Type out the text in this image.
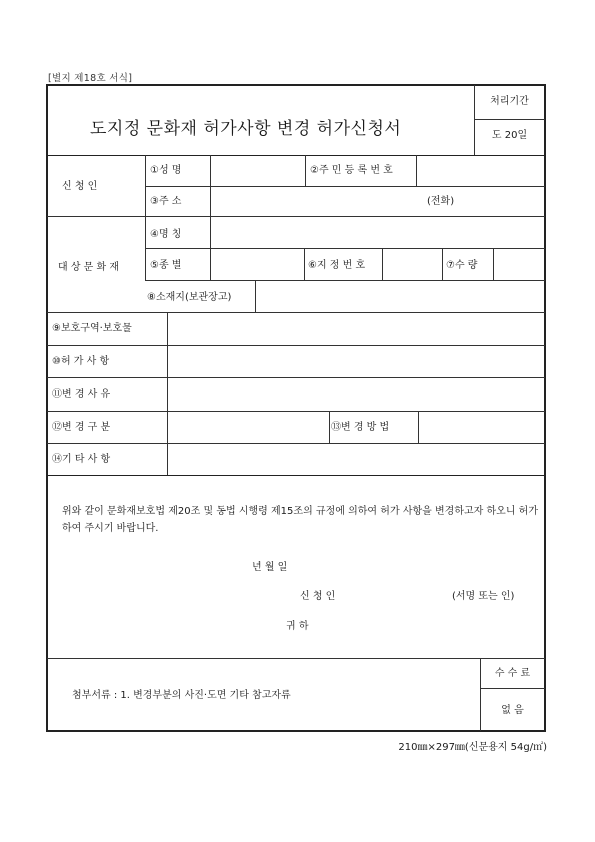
[별지 제18호 서식]
도지정 문화재 허가사항 변경 허가신청서
처리기간
도 20일
신 청 인
①성 명	②주 민 등 록 번 호
③주 소	(전화)
대 상 문 화 재
④명 칭
⑤종 별	⑥지 정 번 호	⑦수 량
⑧소재지(보관장고)
⑨보호구역·보호물
⑩허 가 사 항
⑪변 경 사 유
⑫변 경 구 분	⑬변 경 방 법
⑭기 타 사 항
위와 같이 문화재보호법 제20조 및 동법 시행령 제15조의 규정에 의하여 허가 사항을 변경하고자 하오니 허가하여 주시기 바랍니다.
년 월 일
신 청 인	(서명 또는 인)
귀 하
첨부서류 : 1. 변경부분의 사진·도면 기타 참고자류
수 수 료
없 음
210㎜×297㎜(신문용지 54g/㎡)
